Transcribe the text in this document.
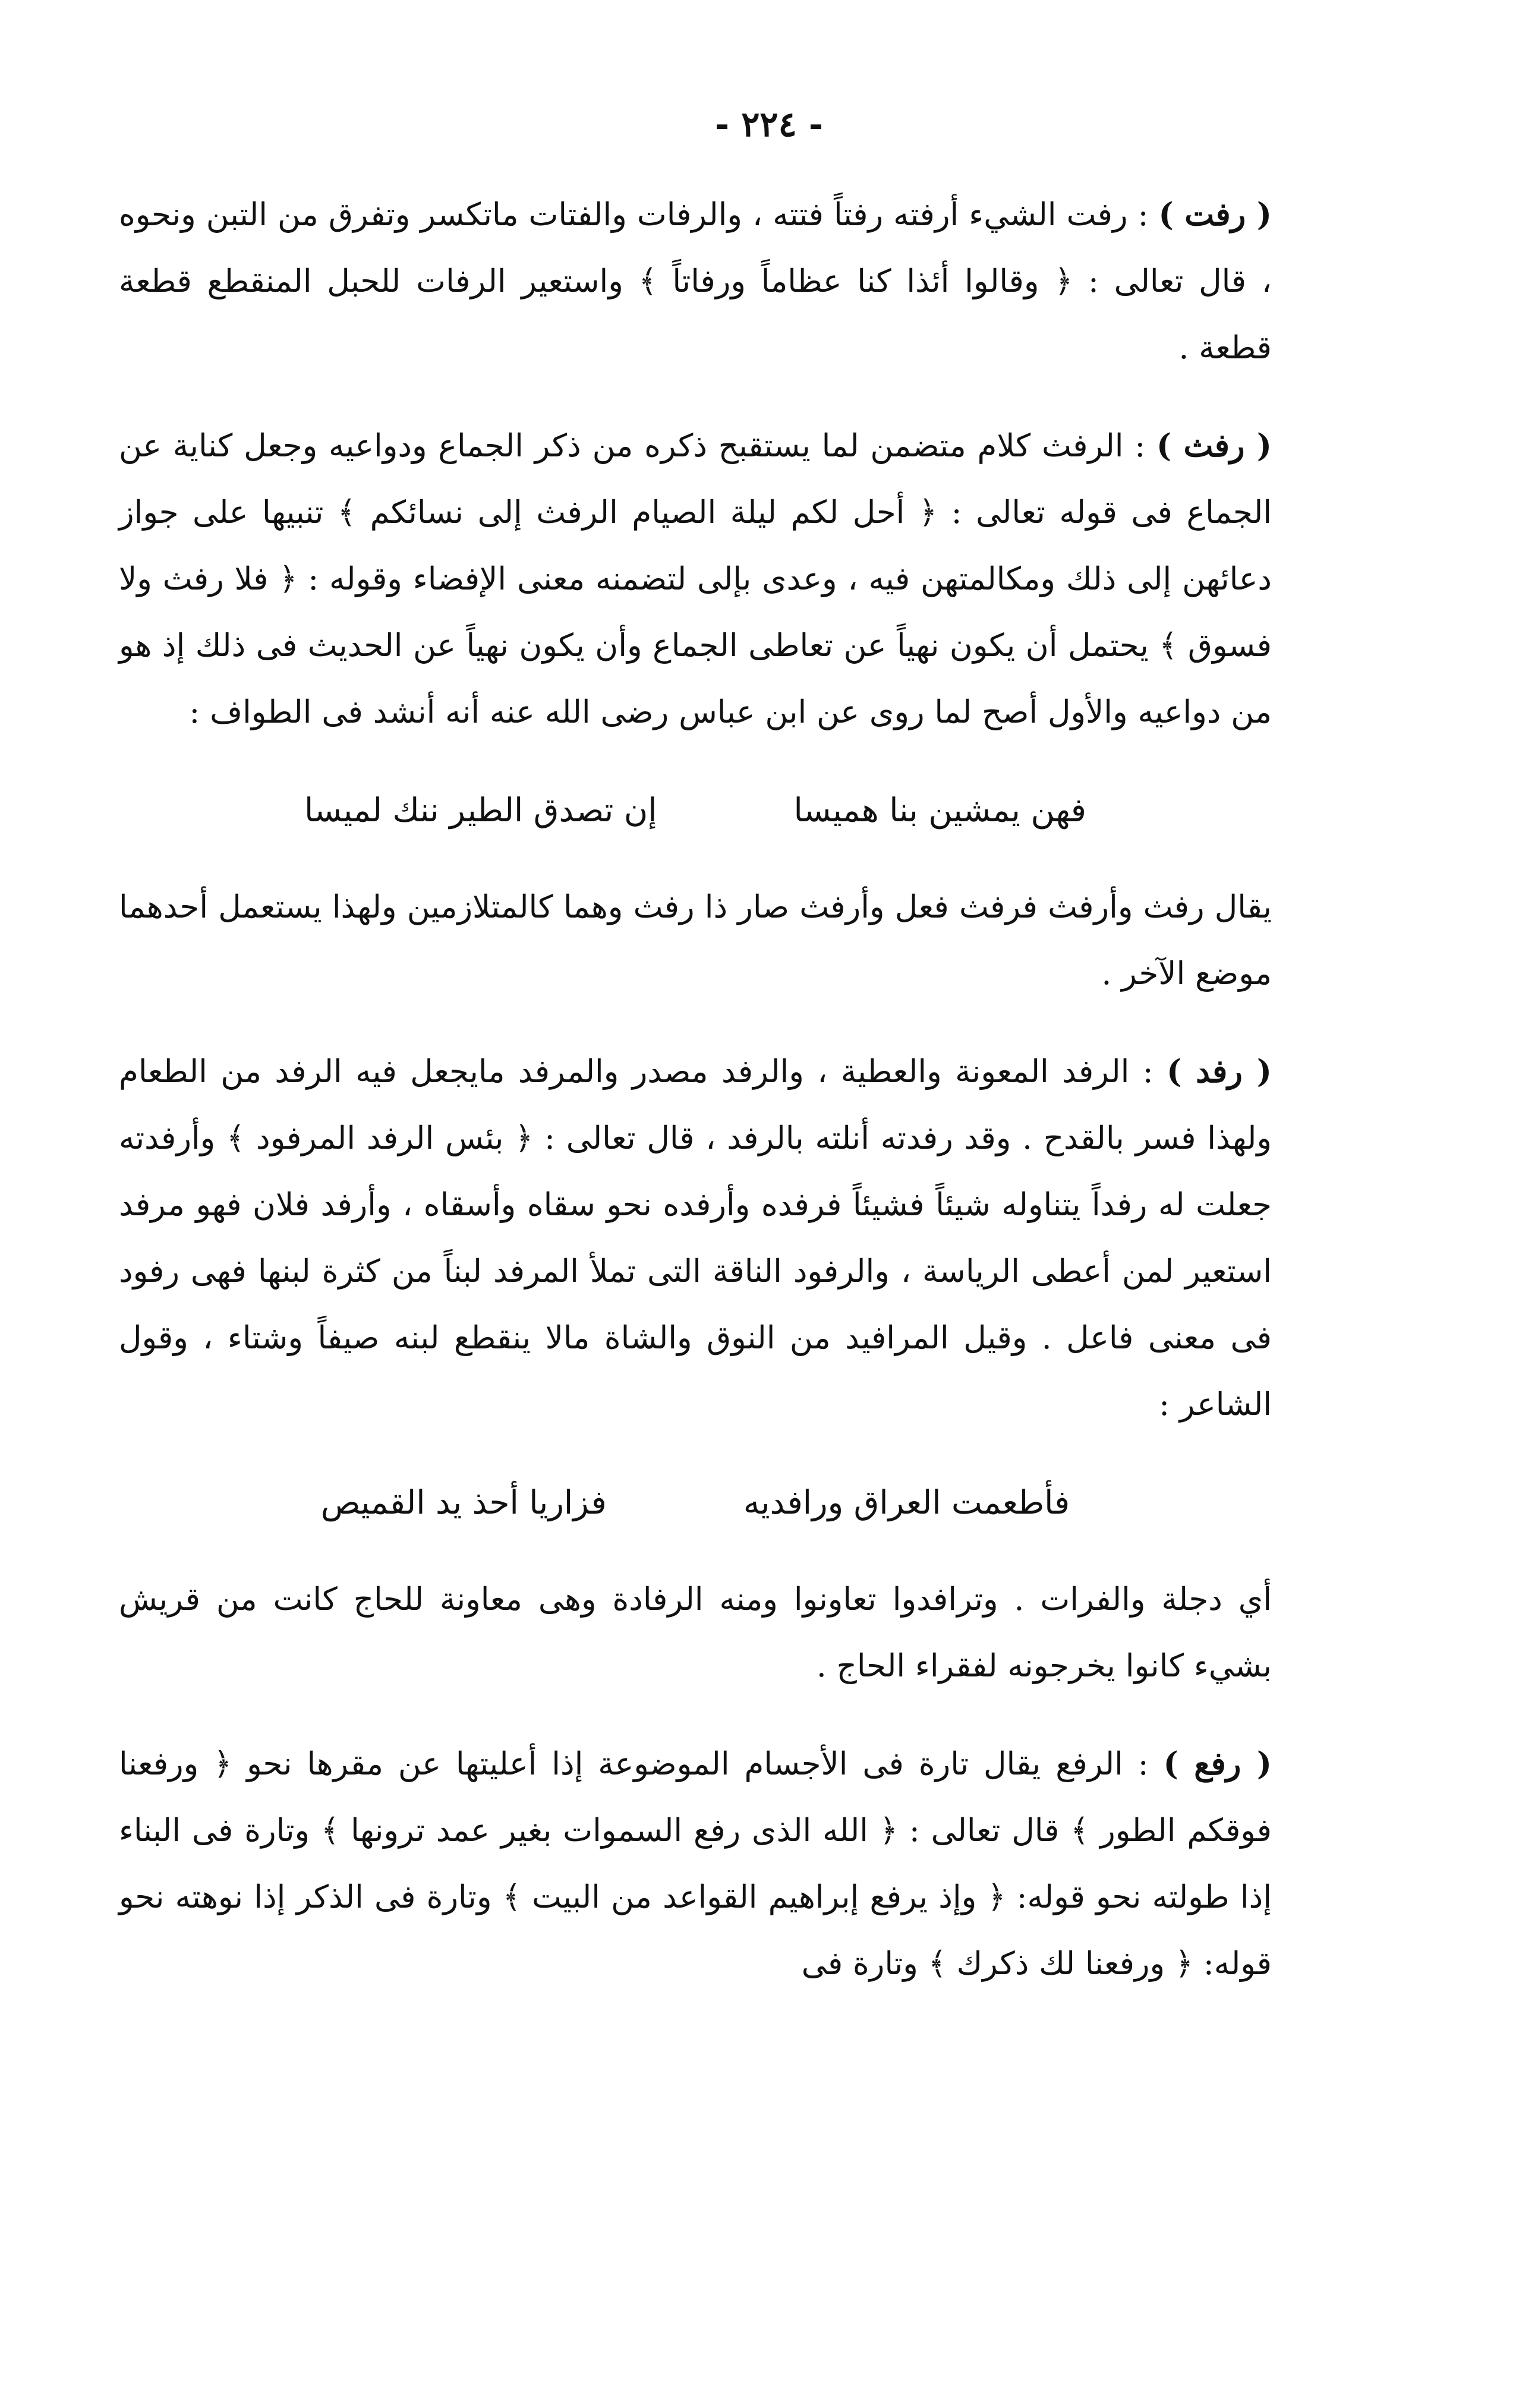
- ٢٢٤ -

( رفت ) : رفت الشيء أرفته رفتاً فتته ، والرفات والفتات ماتكسر وتفرق من التبن ونحوه ، قال تعالى : ﴿ وقالوا أئذا كنا عظاماً ورفاتاً ﴾ واستعير الرفات للحبل المنقطع قطعة قطعة .

( رفث ) : الرفث كلام متضمن لما يستقبح ذكره من ذكر الجماع ودواعيه وجعل كناية عن الجماع فى قوله تعالى : ﴿ أحل لكم ليلة الصيام الرفث إلى نسائكم ﴾ تنبيها على جواز دعائهن إلى ذلك ومكالمتهن فيه ، وعدى بإلى لتضمنه معنى الإفضاء وقوله : ﴿ فلا رفث ولا فسوق ﴾ يحتمل أن يكون نهياً عن تعاطى الجماع وأن يكون نهياً عن الحديث فى ذلك إذ هو من دواعيه والأول أصح لما روى عن ابن عباس رضى الله عنه أنه أنشد فى الطواف :

فهن يمشين بنا هميسا
إن تصدق الطير ننك لميسا

يقال رفث وأرفث فرفث فعل وأرفث صار ذا رفث وهما كالمتلازمين ولهذا يستعمل أحدهما موضع الآخر .

( رفد ) : الرفد المعونة والعطية ، والرفد مصدر والمرفد مايجعل فيه الرفد من الطعام ولهذا فسر بالقدح . وقد رفدته أنلته بالرفد ، قال تعالى : ﴿ بئس الرفد المرفود ﴾ وأرفدته جعلت له رفداً يتناوله شيئاً فشيئاً فرفده وأرفده نحو سقاه وأسقاه ، وأرفد فلان فهو مرفد استعير لمن أعطى الرياسة ، والرفود الناقة التى تملأ المرفد لبناً من كثرة لبنها فهى رفود فى معنى فاعل . وقيل المرافيد من النوق والشاة مالا ينقطع لبنه صيفاً وشتاء ، وقول الشاعر :

فأطعمت العراق ورافديه
فزاريا أحذ يد القميص

أي دجلة والفرات . وترافدوا تعاونوا ومنه الرفادة وهى معاونة للحاج كانت من قريش بشيء كانوا يخرجونه لفقراء الحاج .

( رفع ) : الرفع يقال تارة فى الأجسام الموضوعة إذا أعليتها عن مقرها نحو ﴿ ورفعنا فوقكم الطور ﴾ قال تعالى : ﴿ الله الذى رفع السموات بغير عمد ترونها ﴾ وتارة فى البناء إذا طولته نحو قوله: ﴿ وإذ يرفع إبراهيم القواعد من البيت ﴾ وتارة فى الذكر إذا نوهته نحو قوله: ﴿ ورفعنا لك ذكرك ﴾ وتارة فى
